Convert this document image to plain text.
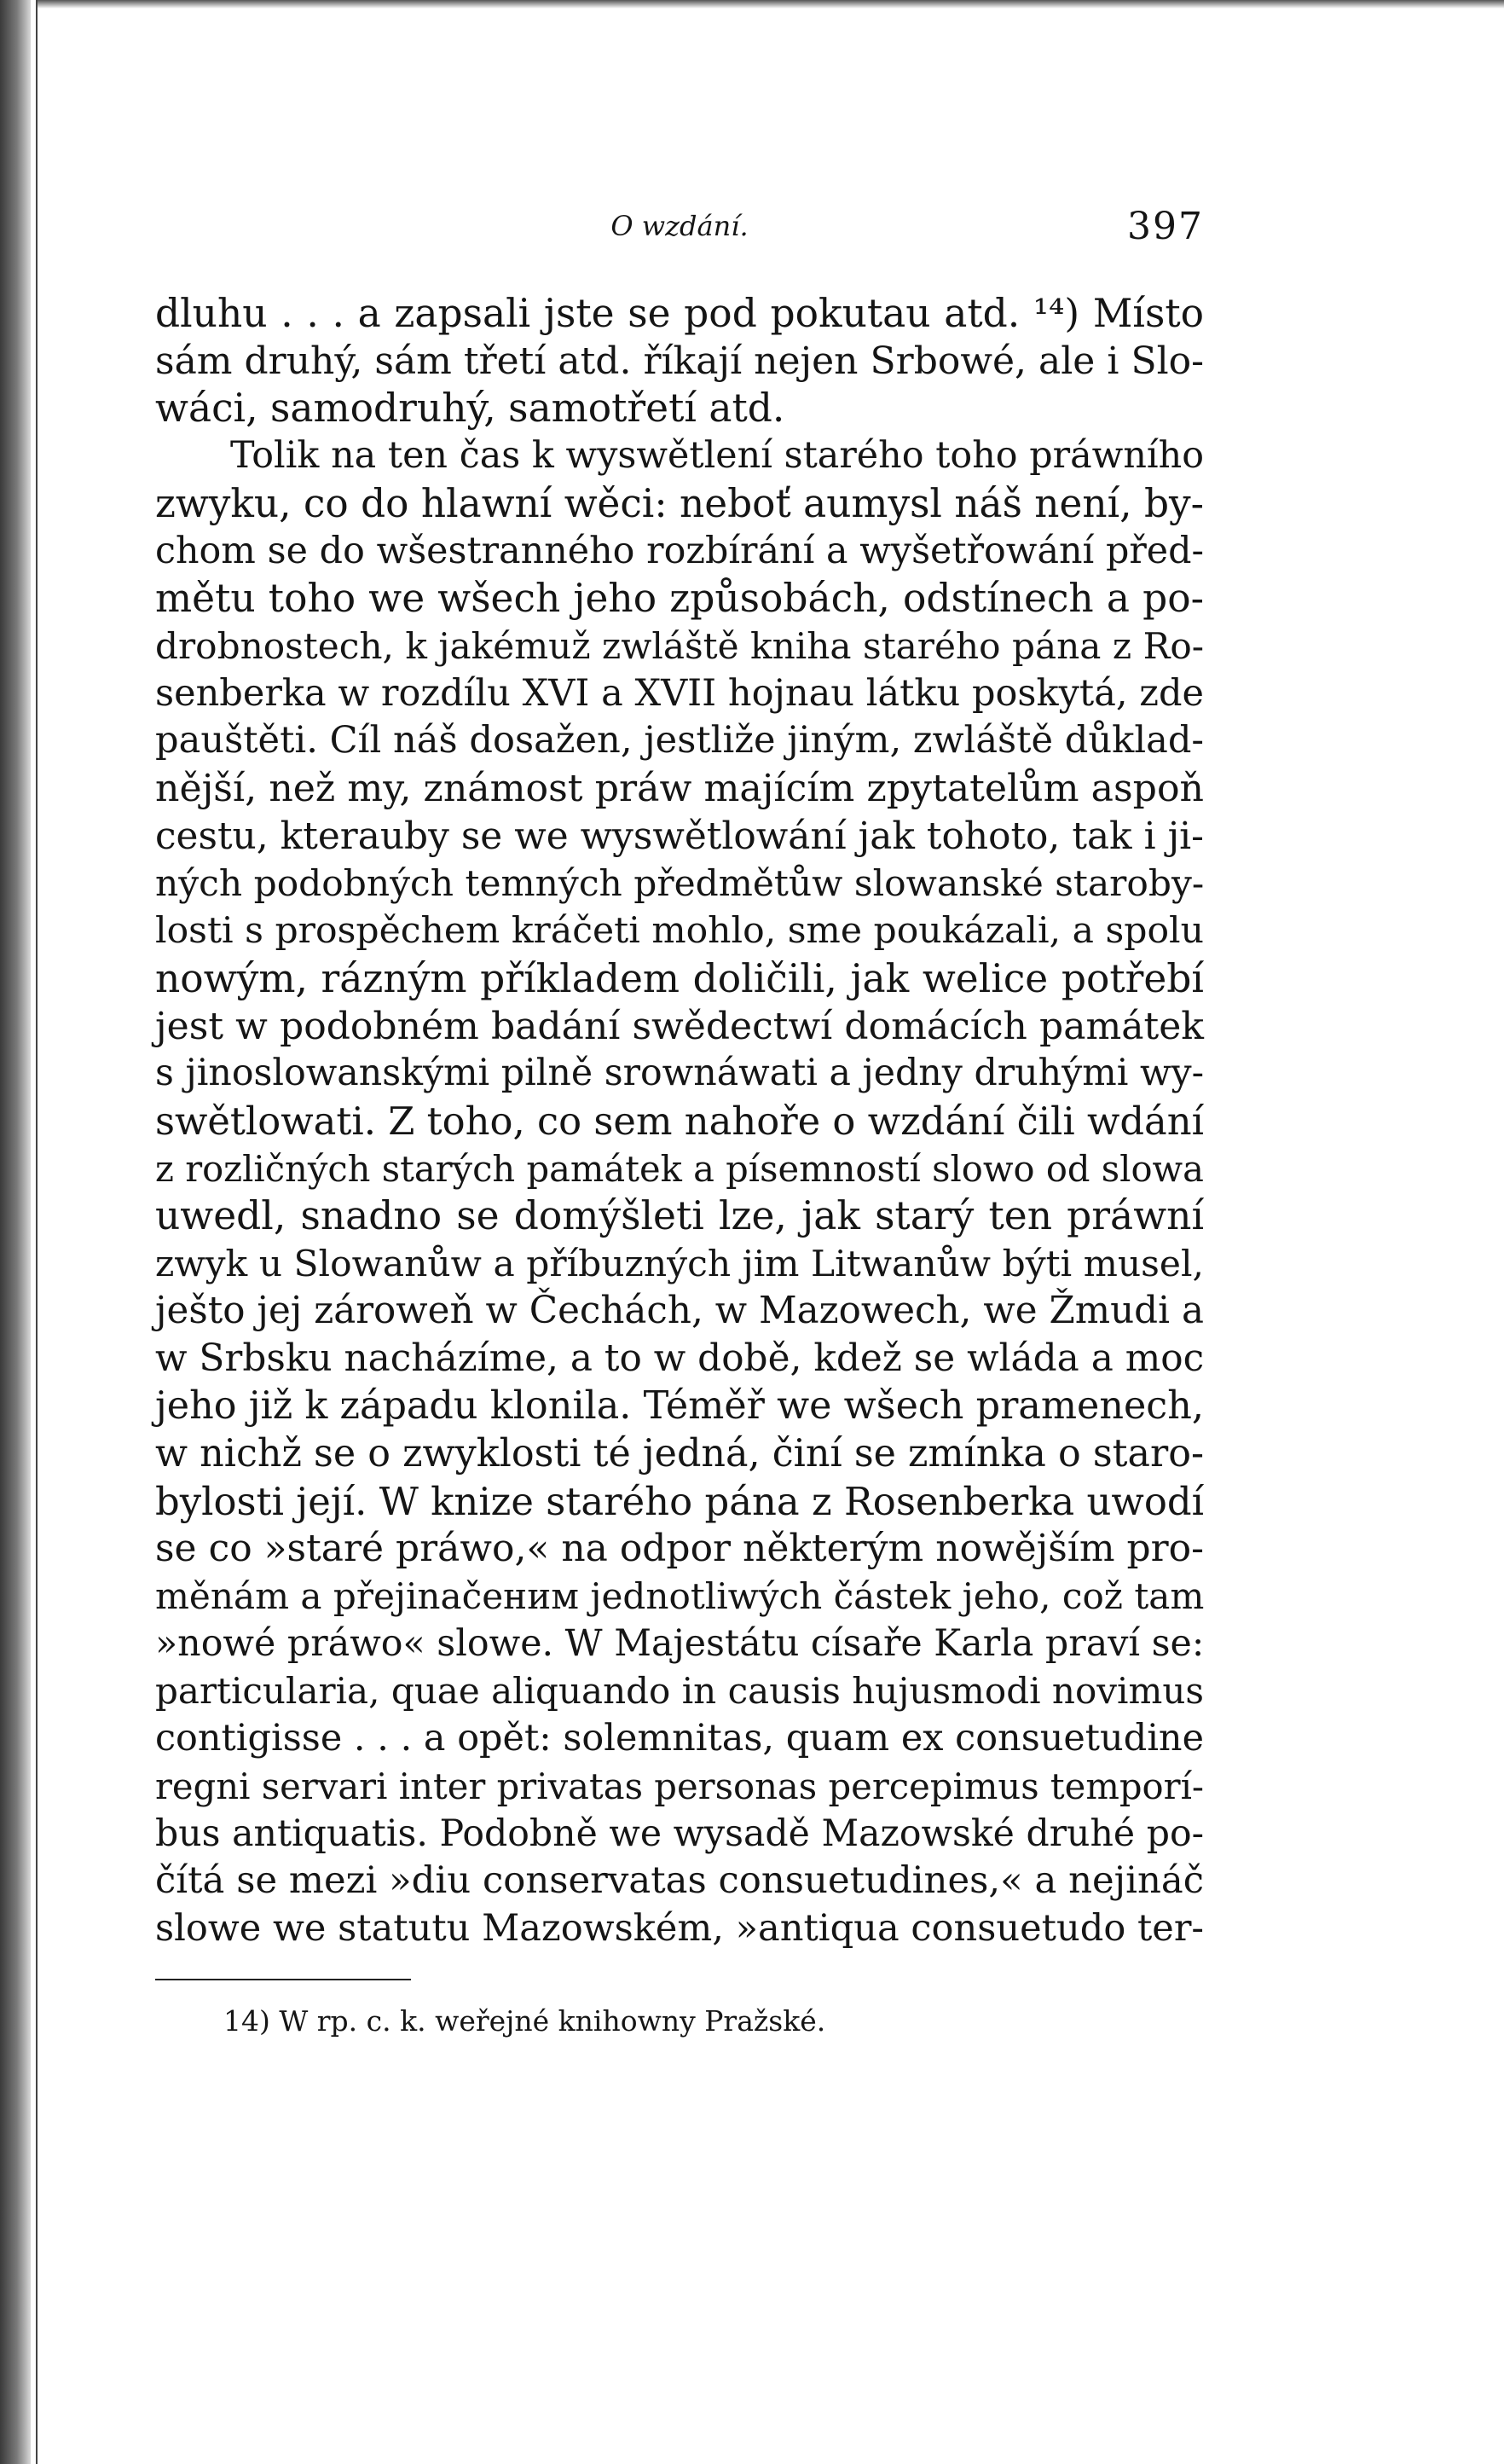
O wzdání.	397
dluhu . . . a zapsali jste se pod pokutau atd. ¹⁴) Místo
sám druhý, sám třetí atd. říkají nejen Srbowé, ale i Slo-
wáci, samodruhý, samotřetí atd.
Tolik na ten čas k wyswětlení starého toho práwního
zwyku, co do hlawní wěci: neboť aumysl náš není, by-
chom se do wšestranného rozbírání a wyšetřowání před-
mětu toho we wšech jeho způsobách, odstínech a po-
drobnostech, k jakémuž zwláště kniha starého pána z Ro-
senberka w rozdílu XVI a XVII hojnau látku poskytá, zde
pauštěti. Cíl náš dosažen, jestliže jiným, zwláště důklad-
nější, než my, známost práw majícím zpytatelům aspoň
cestu, kterauby se we wyswětlowání jak tohoto, tak i ji-
ných podobných temných předmětůw slowanské staroby-
losti s prospěchem kráčeti mohlo, sme poukázali, a spolu
nowým, rázným příkladem doličili, jak welice potřebí
jest w podobném badání swědectwí domácích památek
s jinoslowanskými pilně srownáwati a jedny druhými wy-
swětlowati. Z toho, co sem nahoře o wzdání čili wdání
z rozličných starých památek a písemností slowo od slowa
uwedl, snadno se domýšleti lze, jak starý ten práwní
zwyk u Slowanůw a příbuzných jim Litwanůw býti musel,
ješto jej zároweň w Čechách, w Mazowech, we Žmudi a
w Srbsku nacházíme, a to w době, kdež se wláda a moc
jeho již k západu klonila. Téměř we wšech pramenech,
w nichž se o zwyklosti té jedná, činí se zmínka o staro-
bylosti její. W knize starého pána z Rosenberka uwodí
se co »staré práwo,« na odpor některým nowějším pro-
měnám a přejinačeним jednotliwých částek jeho, což tam
»nowé práwo« slowe. W Majestátu císaře Karla praví se:
particularia, quae aliquando in causis hujusmodi novimus
contigisse . . . a opět: solemnitas, quam ex consuetudine
regni servari inter privatas personas percepimus temporí-
bus antiquatis. Podobně we wysadě Mazowské druhé po-
čítá se mezi »diu conservatas consuetudines,« a nejináč
slowe we statutu Mazowském, »antiqua consuetudo ter-
14) W rp. c. k. weřejné knihowny Pražské.
